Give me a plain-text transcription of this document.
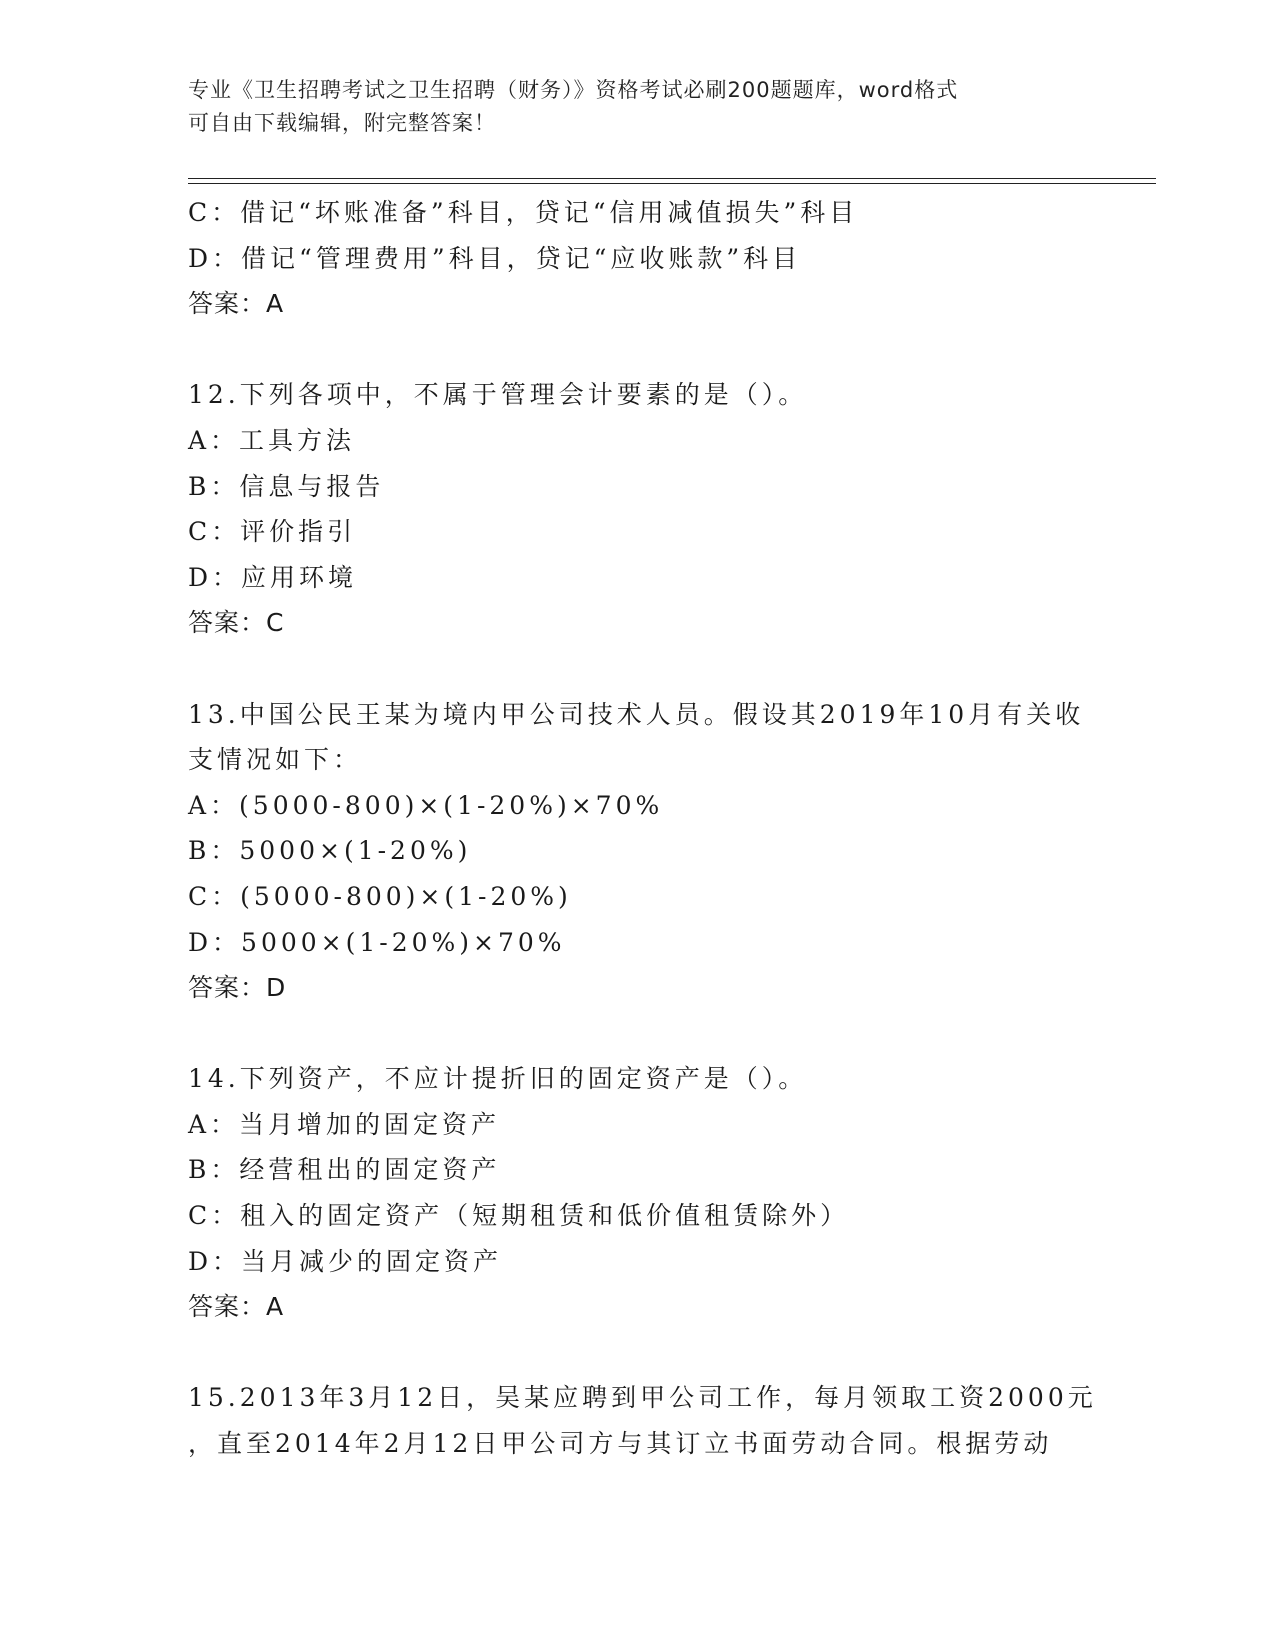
专业《卫生招聘考试之卫生招聘（财务）》资格考试必刷200题题库，word格式
可自由下载编辑，附完整答案！
C：借记“坏账准备”科目，贷记“信用减值损失”科目
D：借记“管理费用”科目，贷记“应收账款”科目
答案：A
12.下列各项中，不属于管理会计要素的是（）。
A：工具方法
B：信息与报告
C：评价指引
D：应用环境
答案：C
13.中国公民王某为境内甲公司技术人员。假设其2019年10月有关收
支情况如下：
A：(5000-800)×(1-20%)×70%
B：5000×(1-20%)
C：(5000-800)×(1-20%)
D：5000×(1-20%)×70%
答案：D
14.下列资产，不应计提折旧的固定资产是（）。
A：当月增加的固定资产
B：经营租出的固定资产
C：租入的固定资产（短期租赁和低价值租赁除外）
D：当月减少的固定资产
答案：A
15.2013年3月12日，吴某应聘到甲公司工作，每月领取工资2000元
，直至2014年2月12日甲公司方与其订立书面劳动合同。根据劳动
